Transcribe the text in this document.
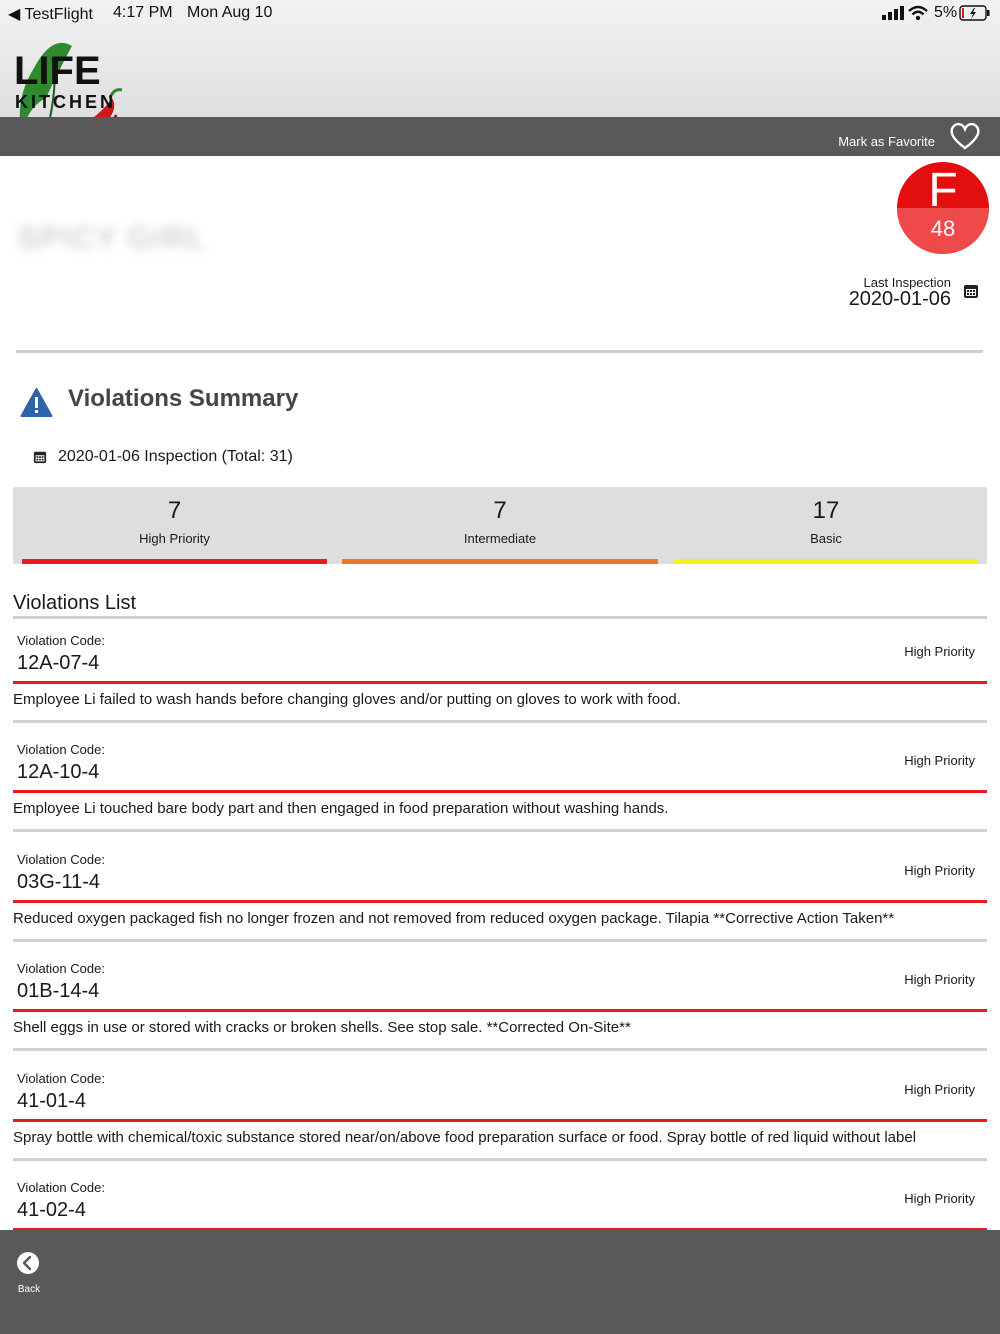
◀ TestFlight 4:17 PM Mon Aug 10	5%
LIFE
KITCHEN
Mark as Favorite
SPICY GIRL
F
48
Last Inspection
2020-01-06
Violations Summary
2020-01-06 Inspection (Total: 31)
7
High Priority
7
Intermediate
17
Basic
Violations List
Violation Code:
12A-07-4
High Priority
Employee Li failed to wash hands before changing gloves and/or putting on gloves to work with food.
Violation Code:
12A-10-4
High Priority
Employee Li touched bare body part and then engaged in food preparation without washing hands.
Violation Code:
03G-11-4
High Priority
Reduced oxygen packaged fish no longer frozen and not removed from reduced oxygen package. Tilapia **Corrective Action Taken**
Violation Code:
01B-14-4
High Priority
Shell eggs in use or stored with cracks or broken shells. See stop sale. **Corrected On-Site**
Violation Code:
41-01-4
High Priority
Spray bottle with chemical/toxic substance stored near/on/above food preparation surface or food. Spray bottle of red liquid without label
Violation Code:
41-02-4
High Priority
Back
